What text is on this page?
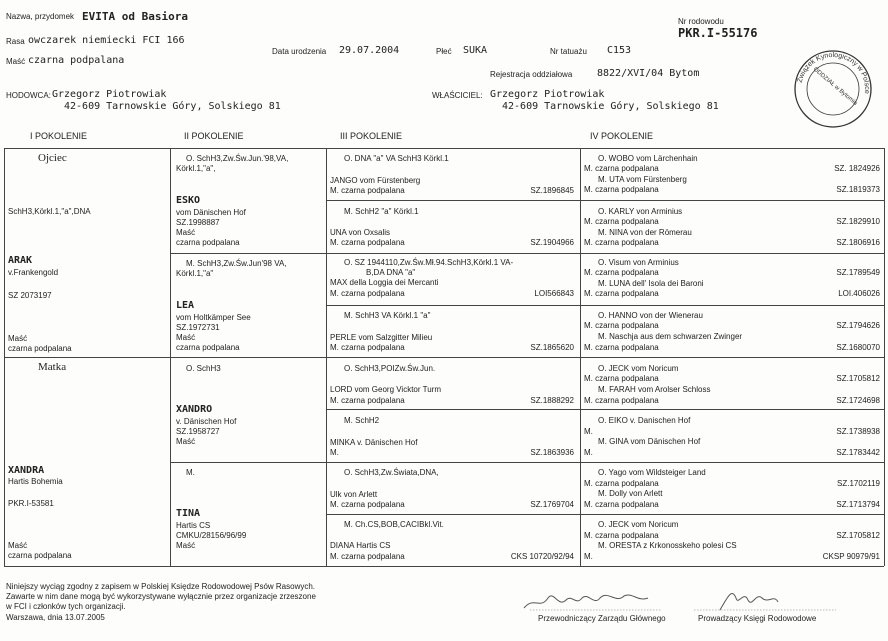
Nazwa, przydomek EVITA od Basiora
Rasa owczarek niemiecki FCI 166
Maść czarna podpalana
Data urodzenia 29.07.2004	Płeć SUKA	Nr tatuażu C153
Nr rodowodu
PKR.I-55176
Rejestracja oddziałowa 8822/XVI/04 Bytom
HODOWCA: Grzegorz Piotrowiak
42-609 Tarnowskie Góry, Solskiego 81
WŁAŚCICIEL: Grzegorz Piotrowiak
42-609 Tarnowskie Góry, Solskiego 81
Związek Kynologiczny w Polsce
ODDZIAŁ w Bytomiu
I POKOLENIE	II POKOLENIE	III POKOLENIE	IV POKOLENIE
Ojciec
SchH3,Körkl.1,"a",DNA
ARAK
v.Frankengold
SZ 2073197
Maść
czarna podpalana
Matka
XANDRA
Hartis Bohemia
PKR.I-53581
Maść
czarna podpalana
O. SchH3,Zw.Św.Jun.'98,VA,
Körkl.1,"a",
ESKO
vom Dänischen Hof
SZ.1998887
Maść
czarna podpalana
M. SchH3,Zw.Św.Jun'98 VA,
Körkl.1,"a"
LEA
vom Holtkämper See
SZ.1972731
Maść
czarna podpalana
O. SchH3
XANDRO
v. Dänischen Hof
SZ.1958727
Maść
M.
TINA
Hartis CS
CMKU/28156/96/99
Maść
O. DNA "a" VA SchH3 Körkl.1
JANGO vom Fürstenberg
M. czarna podpalana	SZ.1896845
M. SchH2 "a" Körkl.1
UNA von Oxsalis
M. czarna podpalana	SZ.1904966
O. SZ 1944110,Zw.Św.Mł.94.SchH3,Körkl.1 VA-
B,DA DNA "a"
MAX della Loggia dei Mercanti
M. czarna podpalana	LOI566843
M. SchH3 VA Körkl.1 "a"
PERLE vom Salzgitter Milieu
M. czarna podpalana	SZ.1865620
O. SchH3,POIZw.Św.Jun.
LORD vom Georg Vicktor Turm
M. czarna podpalana	SZ.1888292
M. SchH2
MINKA v. Dänischen Hof
M.	SZ.1863936
O. SchH3,Zw.Świata,DNA,
Ulk von Arlett
M. czarna podpalana	SZ.1769704
M. Ch.CS,BOB,CACIBkl.Vit.
DIANA Hartis CS
M. czarna podpalana	CKS 10720/92/94
O. WOBO vom Lärchenhain
M. czarna podpalana	SZ. 1824926
M. UTA vom Fürstenberg
M. czarna podpalana	SZ.1819373
O. KARLY von Arminius
M. czarna podpalana	SZ.1829910
M. NINA von der Römerau
M. czarna podpalana	SZ.1806916
O. Visum von Arminius
M. czarna podpalana	SZ.1789549
M. LUNA dell' Isola dei Baroni
M. czarna podpalana	LOI.406026
O. HANNO von der Wienerau
M. czarna podpalana	SZ.1794626
M. Naschja aus dem schwarzen Zwinger
M. czarna podpalana	SZ.1680070
O. JECK vom Noricum
M. czarna podpalana	SZ.1705812
M. FARAH vom Arolser Schloss
M. czarna podpalana	SZ.1724698
O. EIKO v. Danischen Hof
M.	SZ.1738938
M. GINA vom Dänischen Hof
M.	SZ.1783442
O. Yago vom Wildsteiger Land
M. czarna podpalana	SZ.1702119
M. Dolly von Arlett
M. czarna podpalana	SZ.1713794
O. JECK vom Noricum
M. czarna podpalana	SZ.1705812
M. ORESTA z Krkonosskeho polesi CS
M.	CKSP 90979/91
Niniejszy wyciąg zgodny z zapisem w Polskiej Księdze Rodowodowej Psów Rasowych.
Zawarte w nim dane mogą być wykorzystywane wyłącznie przez organizacje zrzeszone
w FCI i członków tych organizacji.
Warszawa, dnia 13.07.2005	Przewodniczący Zarządu Głównego	Prowadzący Księgi Rodowodowe
